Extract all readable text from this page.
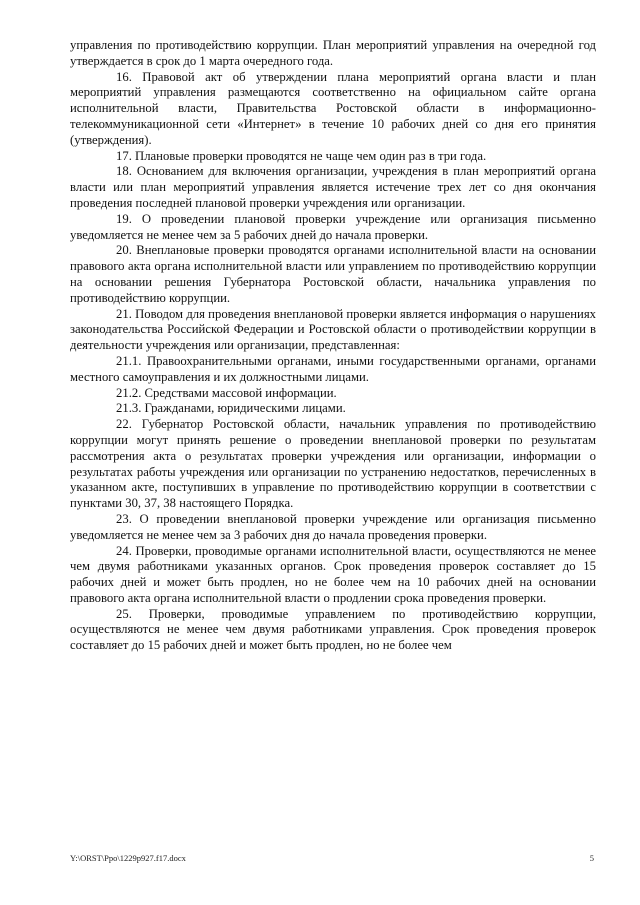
управления по противодействию коррупции. План мероприятий управления на очередной год утверждается в срок до 1 марта очередного года.

16. Правовой акт об утверждении плана мероприятий органа власти и план мероприятий управления размещаются соответственно на официальном сайте органа исполнительной власти, Правительства Ростовской области в информационно-телекоммуникационной сети «Интернет» в течение 10 рабочих дней со дня его принятия (утверждения).

17. Плановые проверки проводятся не чаще чем один раз в три года.

18. Основанием для включения организации, учреждения в план мероприятий органа власти или план мероприятий управления является истечение трех лет со дня окончания проведения последней плановой проверки учреждения или организации.

19. О проведении плановой проверки учреждение или организация письменно уведомляется не менее чем за 5 рабочих дней до начала проверки.

20. Внеплановые проверки проводятся органами исполнительной власти на основании правового акта органа исполнительной власти или управлением по противодействию коррупции на основании решения Губернатора Ростовской области, начальника управления по противодействию коррупции.

21. Поводом для проведения внеплановой проверки является информация о нарушениях законодательства Российской Федерации и Ростовской области о противодействии коррупции в деятельности учреждения или организации, представленная:

21.1. Правоохранительными органами, иными государственными органами, органами местного самоуправления и их должностными лицами.

21.2. Средствами массовой информации.

21.3. Гражданами, юридическими лицами.

22. Губернатор Ростовской области, начальник управления по противодействию коррупции могут принять решение о проведении внеплановой проверки по результатам рассмотрения акта о результатах проверки учреждения или организации, информации о результатах работы учреждения или организации по устранению недостатков, перечисленных в указанном акте, поступивших в управление по противодействию коррупции в соответствии с пунктами 30, 37, 38 настоящего Порядка.

23. О проведении внеплановой проверки учреждение или организация письменно уведомляется не менее чем за 3 рабочих дня до начала проведения проверки.

24. Проверки, проводимые органами исполнительной власти, осуществляются не менее чем двумя работниками указанных органов. Срок проведения проверок составляет до 15 рабочих дней и может быть продлен, но не более чем на 10 рабочих дней на основании правового акта органа исполнительной власти о продлении срока проведения проверки.

25. Проверки, проводимые управлением по противодействию коррупции, осуществляются не менее чем двумя работниками управления. Срок проведения проверок составляет до 15 рабочих дней и может быть продлен, но не более чем

Y:\ORST\Ppo\1229p927.f17.docx	5
